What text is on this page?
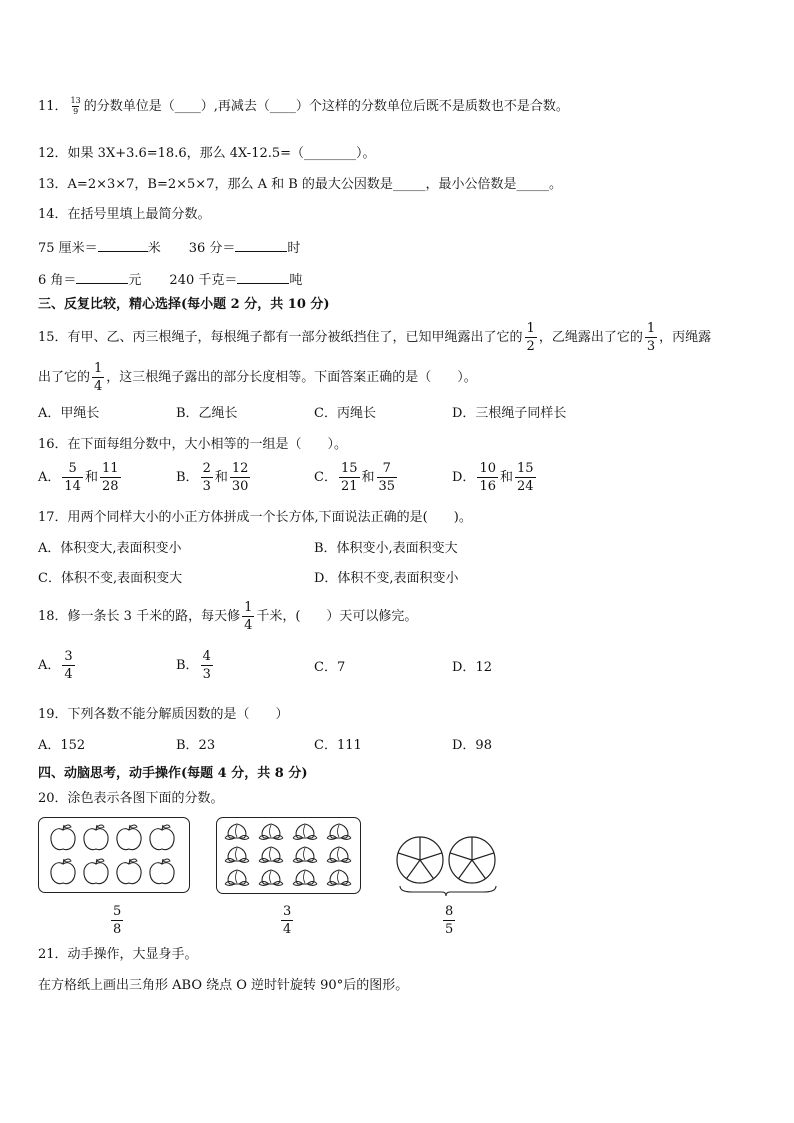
11． $\frac{13}{9}$ 的分数单位是（____）,再减去（____）个这样的分数单位后既不是质数也不是合数。
12．如果 3X+3.6=18.6，那么 4X-12.5=（________）。
13．A=2×3×7，B=2×5×7，那么 A 和 B 的最大公因数是_____，最小公倍数是_____。
14．在括号里填上最简分数。
75 厘米＝	米 36 分＝	时
6 角＝	元 240 千克＝	吨
三、反复比较，精心选择(每小题 2 分，共 10 分)
15．有甲、乙、丙三根绳子，每根绳子都有一部分被纸挡住了，已知甲绳露出了它的 $\frac{1}{2}$ ，乙绳露出了它的 $\frac{1}{3}$ ，丙绳露
出了它的 $\frac{1}{4}$ ，这三根绳子露出的部分长度相等。下面答案正确的是（　　）。
A．甲绳长	B．乙绳长	C．丙绳长	D．三根绳子同样长
16．在下面每组分数中，大小相等的一组是（　　）。
A． $\frac{5}{14}$ 和 $\frac{11}{28}$	B． $\frac{2}{3}$ 和 $\frac{12}{30}$	C． $\frac{15}{21}$ 和 $\frac{7}{35}$	D． $\frac{10}{16}$ 和 $\frac{15}{24}$
17．用两个同样大小的小正方体拼成一个长方体,下面说法正确的是(　　)。
A．体积变大,表面积变小	B．体积变小,表面积变大
C．体积不变,表面积变大	D．体积不变,表面积变小
18．修一条长 3 千米的路，每天修 $\frac{1}{4}$ 千米，(　　）天可以修完。
A． $\frac{3}{4}$	B． $\frac{4}{3}$	C．7	D．12
19．下列各数不能分解质因数的是（　　）
A．152	B．23	C．111	D．98
四、动脑思考，动手操作(每题 4 分，共 8 分)
20．涂色表示各图下面的分数。
$\frac{5}{8}$	$\frac{3}{4}$	$\frac{8}{5}$
21．动手操作，大显身手。
在方格纸上画出三角形 ABO 绕点 O 逆时针旋转 90°后的图形。
